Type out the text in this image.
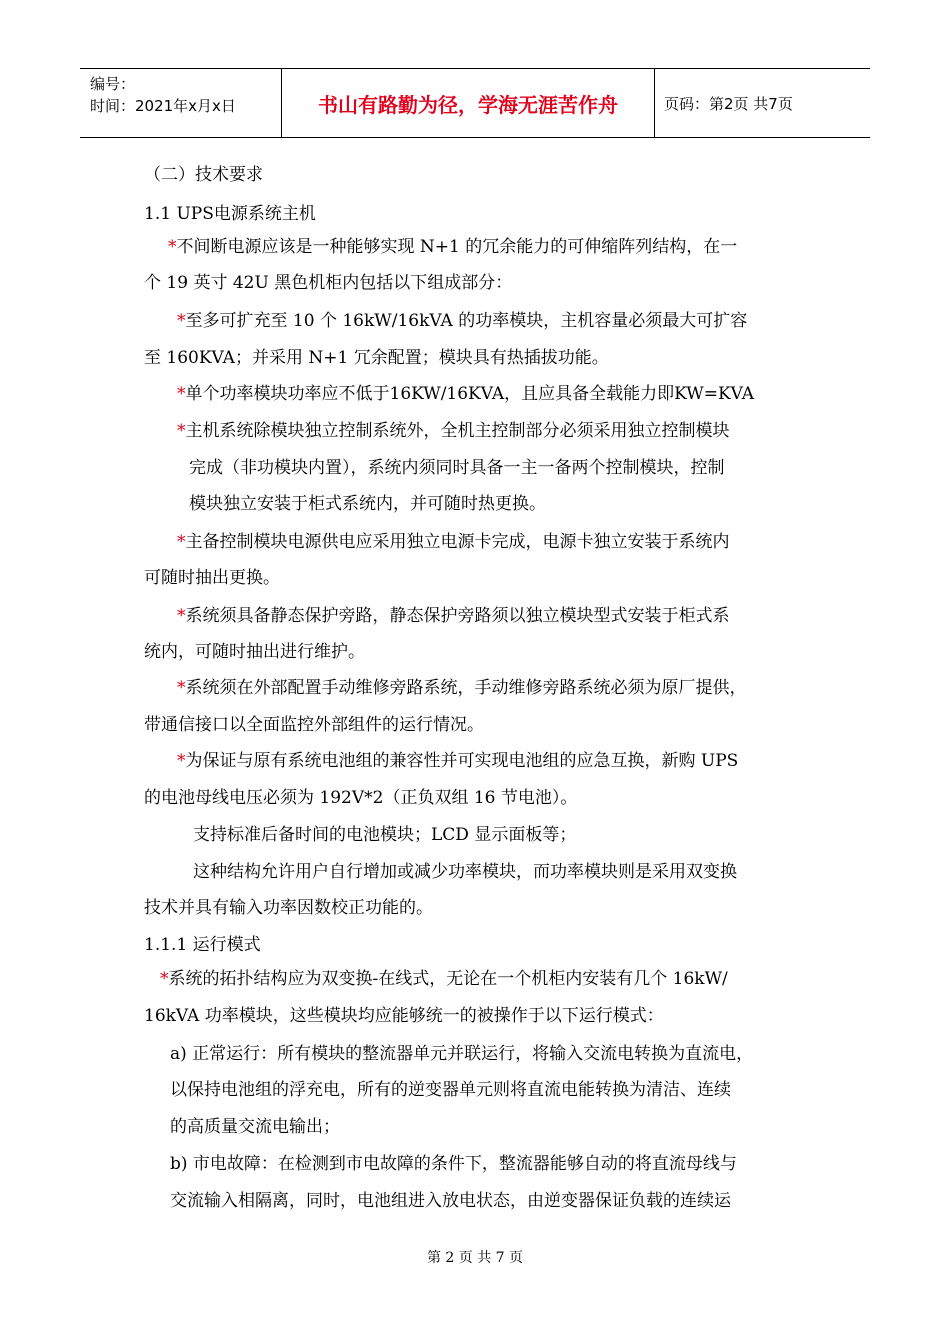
编号：
时间：2021年x月x日	书山有路勤为径，学海无涯苦作舟	页码：第2页 共7页
（二）技术要求
1.1 UPS电源系统主机
*不间断电源应该是一种能够实现 N+1 的冗余能力的可伸缩阵列结构，在一
个 19 英寸 42U 黑色机柜内包括以下组成部分：
*至多可扩充至 10 个 16kW/16kVA 的功率模块，主机容量必须最大可扩容
至 160KVA；并采用 N+1 冗余配置；模块具有热插拔功能。
*单个功率模块功率应不低于16KW/16KVA，且应具备全载能力即KW=KVA
*主机系统除模块独立控制系统外，全机主控制部分必须采用独立控制模块
完成（非功模块内置），系统内须同时具备一主一备两个控制模块，控制
模块独立安装于柜式系统内，并可随时热更换。
*主备控制模块电源供电应采用独立电源卡完成，电源卡独立安装于系统内
可随时抽出更换。
*系统须具备静态保护旁路，静态保护旁路须以独立模块型式安装于柜式系
统内，可随时抽出进行维护。
*系统须在外部配置手动维修旁路系统，手动维修旁路系统必须为原厂提供，
带通信接口以全面监控外部组件的运行情况。
*为保证与原有系统电池组的兼容性并可实现电池组的应急互换，新购 UPS
的电池母线电压必须为 192V*2（正负双组 16 节电池）。
支持标准后备时间的电池模块；LCD 显示面板等；
这种结构允许用户自行增加或减少功率模块，而功率模块则是采用双变换
技术并具有输入功率因数校正功能的。
1.1.1 运行模式
*系统的拓扑结构应为双变换-在线式，无论在一个机柜内安装有几个 16kW/
16kVA 功率模块，这些模块均应能够统一的被操作于以下运行模式：
a) 正常运行：所有模块的整流器单元并联运行，将输入交流电转换为直流电，
以保持电池组的浮充电，所有的逆变器单元则将直流电能转换为清洁、连续
的高质量交流电输出；
b) 市电故障：在检测到市电故障的条件下，整流器能够自动的将直流母线与
交流输入相隔离，同时，电池组进入放电状态，由逆变器保证负载的连续运
第 2 页 共 7 页
